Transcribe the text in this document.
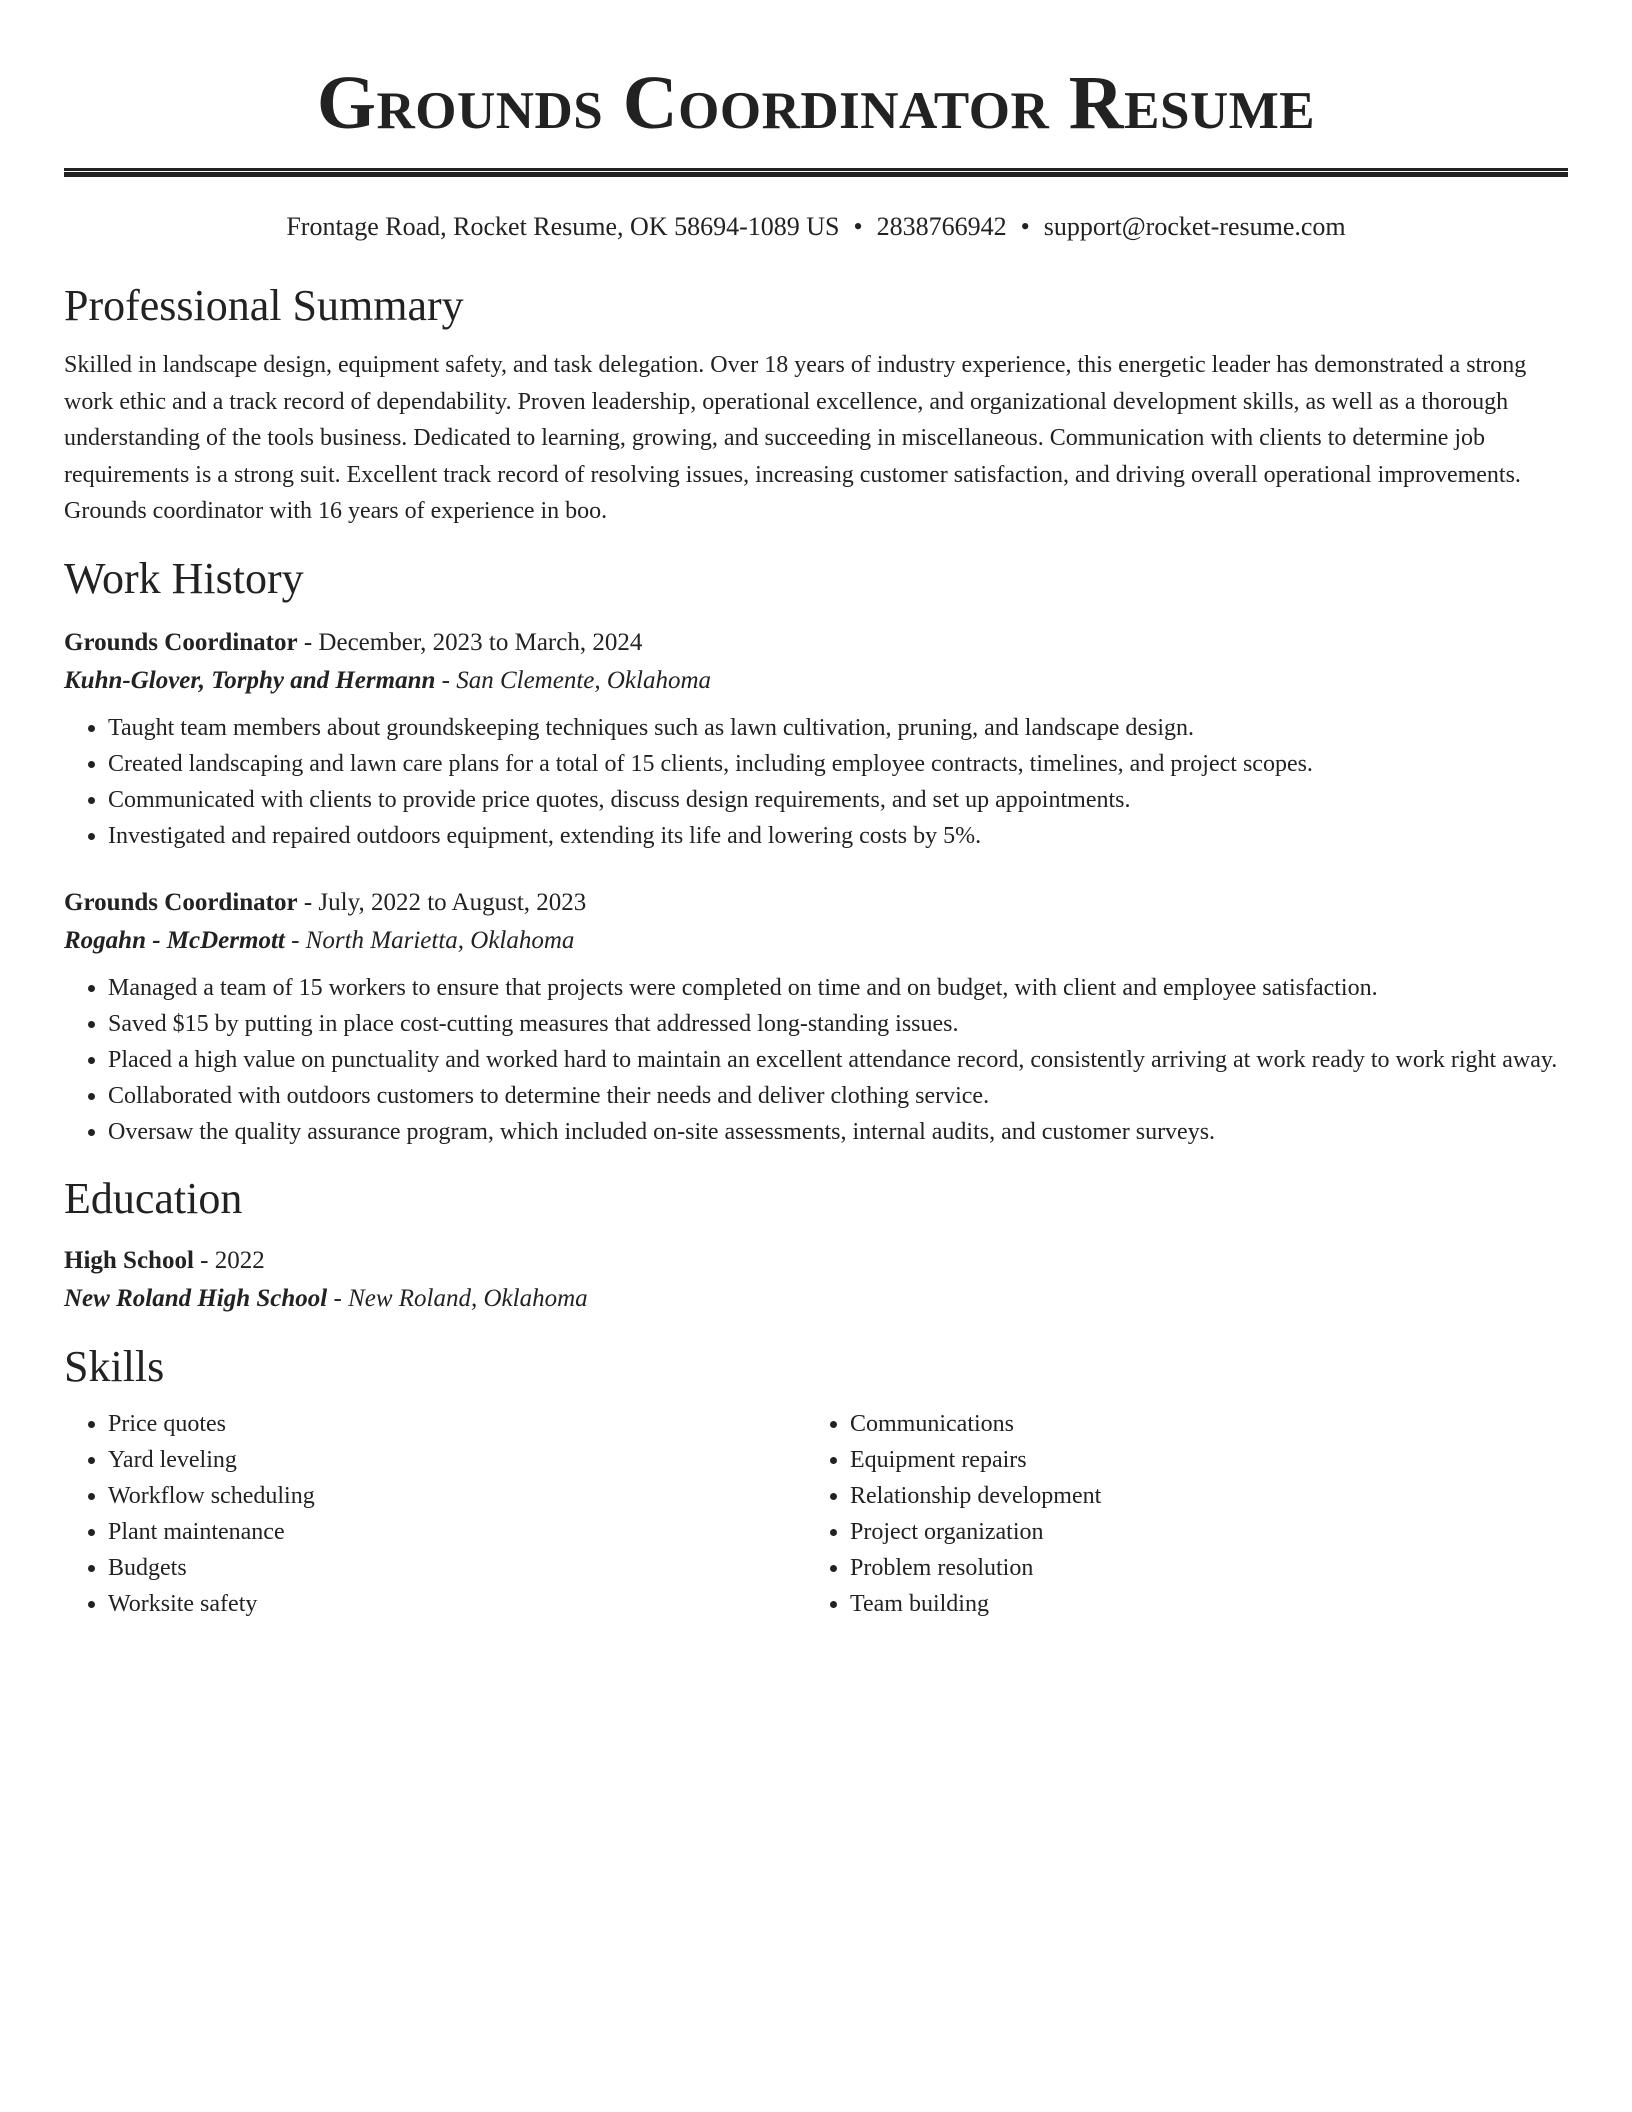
Grounds Coordinator Resume
Frontage Road, Rocket Resume, OK 58694-1089 US • 2838766942 • support@rocket-resume.com
Professional Summary

Skilled in landscape design, equipment safety, and task delegation. Over 18 years of industry experience, this energetic leader has demonstrated a strong work ethic and a track record of dependability. Proven leadership, operational excellence, and organizational development skills, as well as a thorough understanding of the tools business. Dedicated to learning, growing, and succeeding in miscellaneous. Communication with clients to determine job requirements is a strong suit. Excellent track record of resolving issues, increasing customer satisfaction, and driving overall operational improvements. Grounds coordinator with 16 years of experience in boo.

Work History
Grounds Coordinator - December, 2023 to March, 2024
Kuhn-Glover, Torphy and Hermann - San Clemente, Oklahoma
• Taught team members about groundskeeping techniques such as lawn cultivation, pruning, and landscape design.
• Created landscaping and lawn care plans for a total of 15 clients, including employee contracts, timelines, and project scopes.
• Communicated with clients to provide price quotes, discuss design requirements, and set up appointments.
• Investigated and repaired outdoors equipment, extending its life and lowering costs by 5%.
Grounds Coordinator - July, 2022 to August, 2023
Rogahn - McDermott - North Marietta, Oklahoma
• Managed a team of 15 workers to ensure that projects were completed on time and on budget, with client and employee satisfaction.
• Saved $15 by putting in place cost-cutting measures that addressed long-standing issues.
• Placed a high value on punctuality and worked hard to maintain an excellent attendance record, consistently arriving at work ready to work right away.
• Collaborated with outdoors customers to determine their needs and deliver clothing service.
• Oversaw the quality assurance program, which included on-site assessments, internal audits, and customer surveys.
Education
High School - 2022
New Roland High School - New Roland, Oklahoma
Skills
• Price quotes
• Yard leveling
• Workflow scheduling
• Plant maintenance
• Budgets
• Worksite safety
• Communications
• Equipment repairs
• Relationship development
• Project organization
• Problem resolution
• Team building
